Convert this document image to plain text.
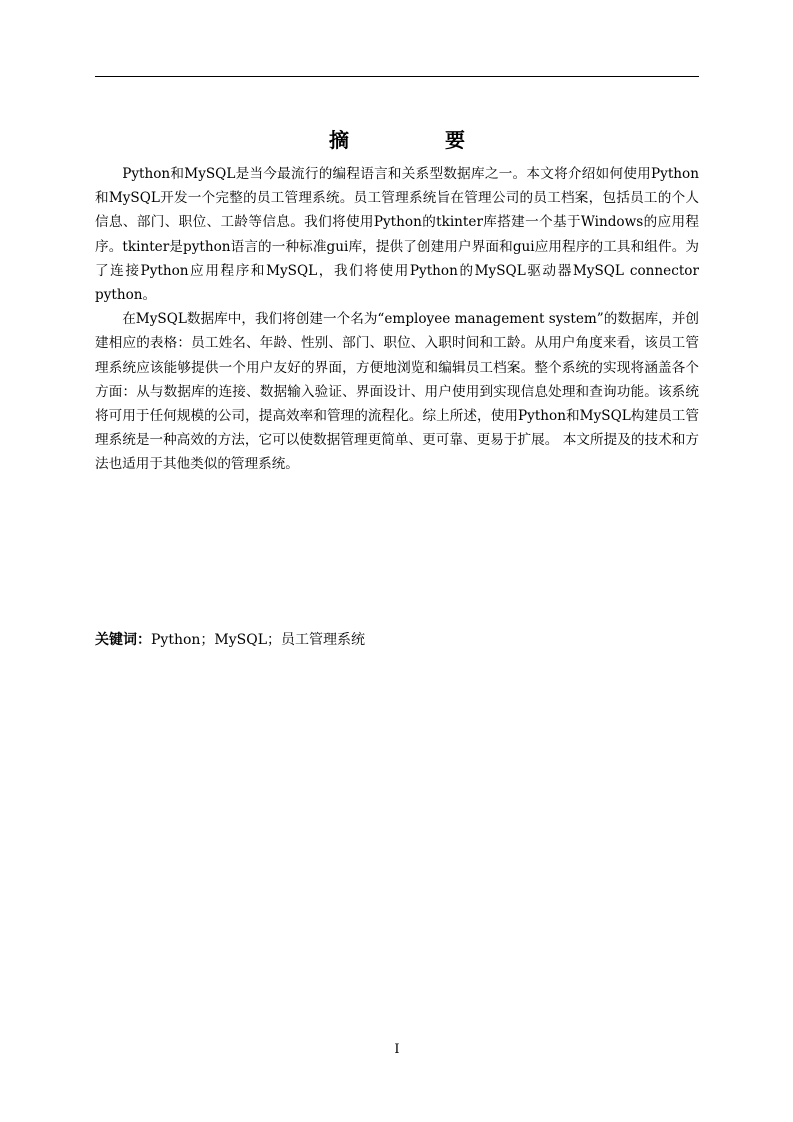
摘　要

Python和MySQL是当今最流行的编程语言和关系型数据库之一。本文将介绍如何使用Python和MySQL开发一个完整的员工管理系统。员工管理系统旨在管理公司的员工档案，包括员工的个人信息、部门、职位、工龄等信息。我们将使用Python的tkinter库搭建一个基于Windows的应用程序。tkinter是python语言的一种标准gui库，提供了创建用户界面和gui应用程序的工具和组件。为了连接Python应用程序和MySQL，我们将使用Python的MySQL驱动器MySQL connector python。

在MySQL数据库中，我们将创建一个名为“employee management system”的数据库，并创建相应的表格：员工姓名、年龄、性别、部门、职位、入职时间和工龄。从用户角度来看，该员工管理系统应该能够提供一个用户友好的界面，方便地浏览和编辑员工档案。整个系统的实现将涵盖各个方面：从与数据库的连接、数据输入验证、界面设计、用户使用到实现信息处理和查询功能。该系统将可用于任何规模的公司，提高效率和管理的流程化。综上所述，使用Python和MySQL构建员工管理系统是一种高效的方法，它可以使数据管理更简单、更可靠、更易于扩展。 本文所提及的技术和方法也适用于其他类似的管理系统。

关键词：Python；MySQL；员工管理系统

I
